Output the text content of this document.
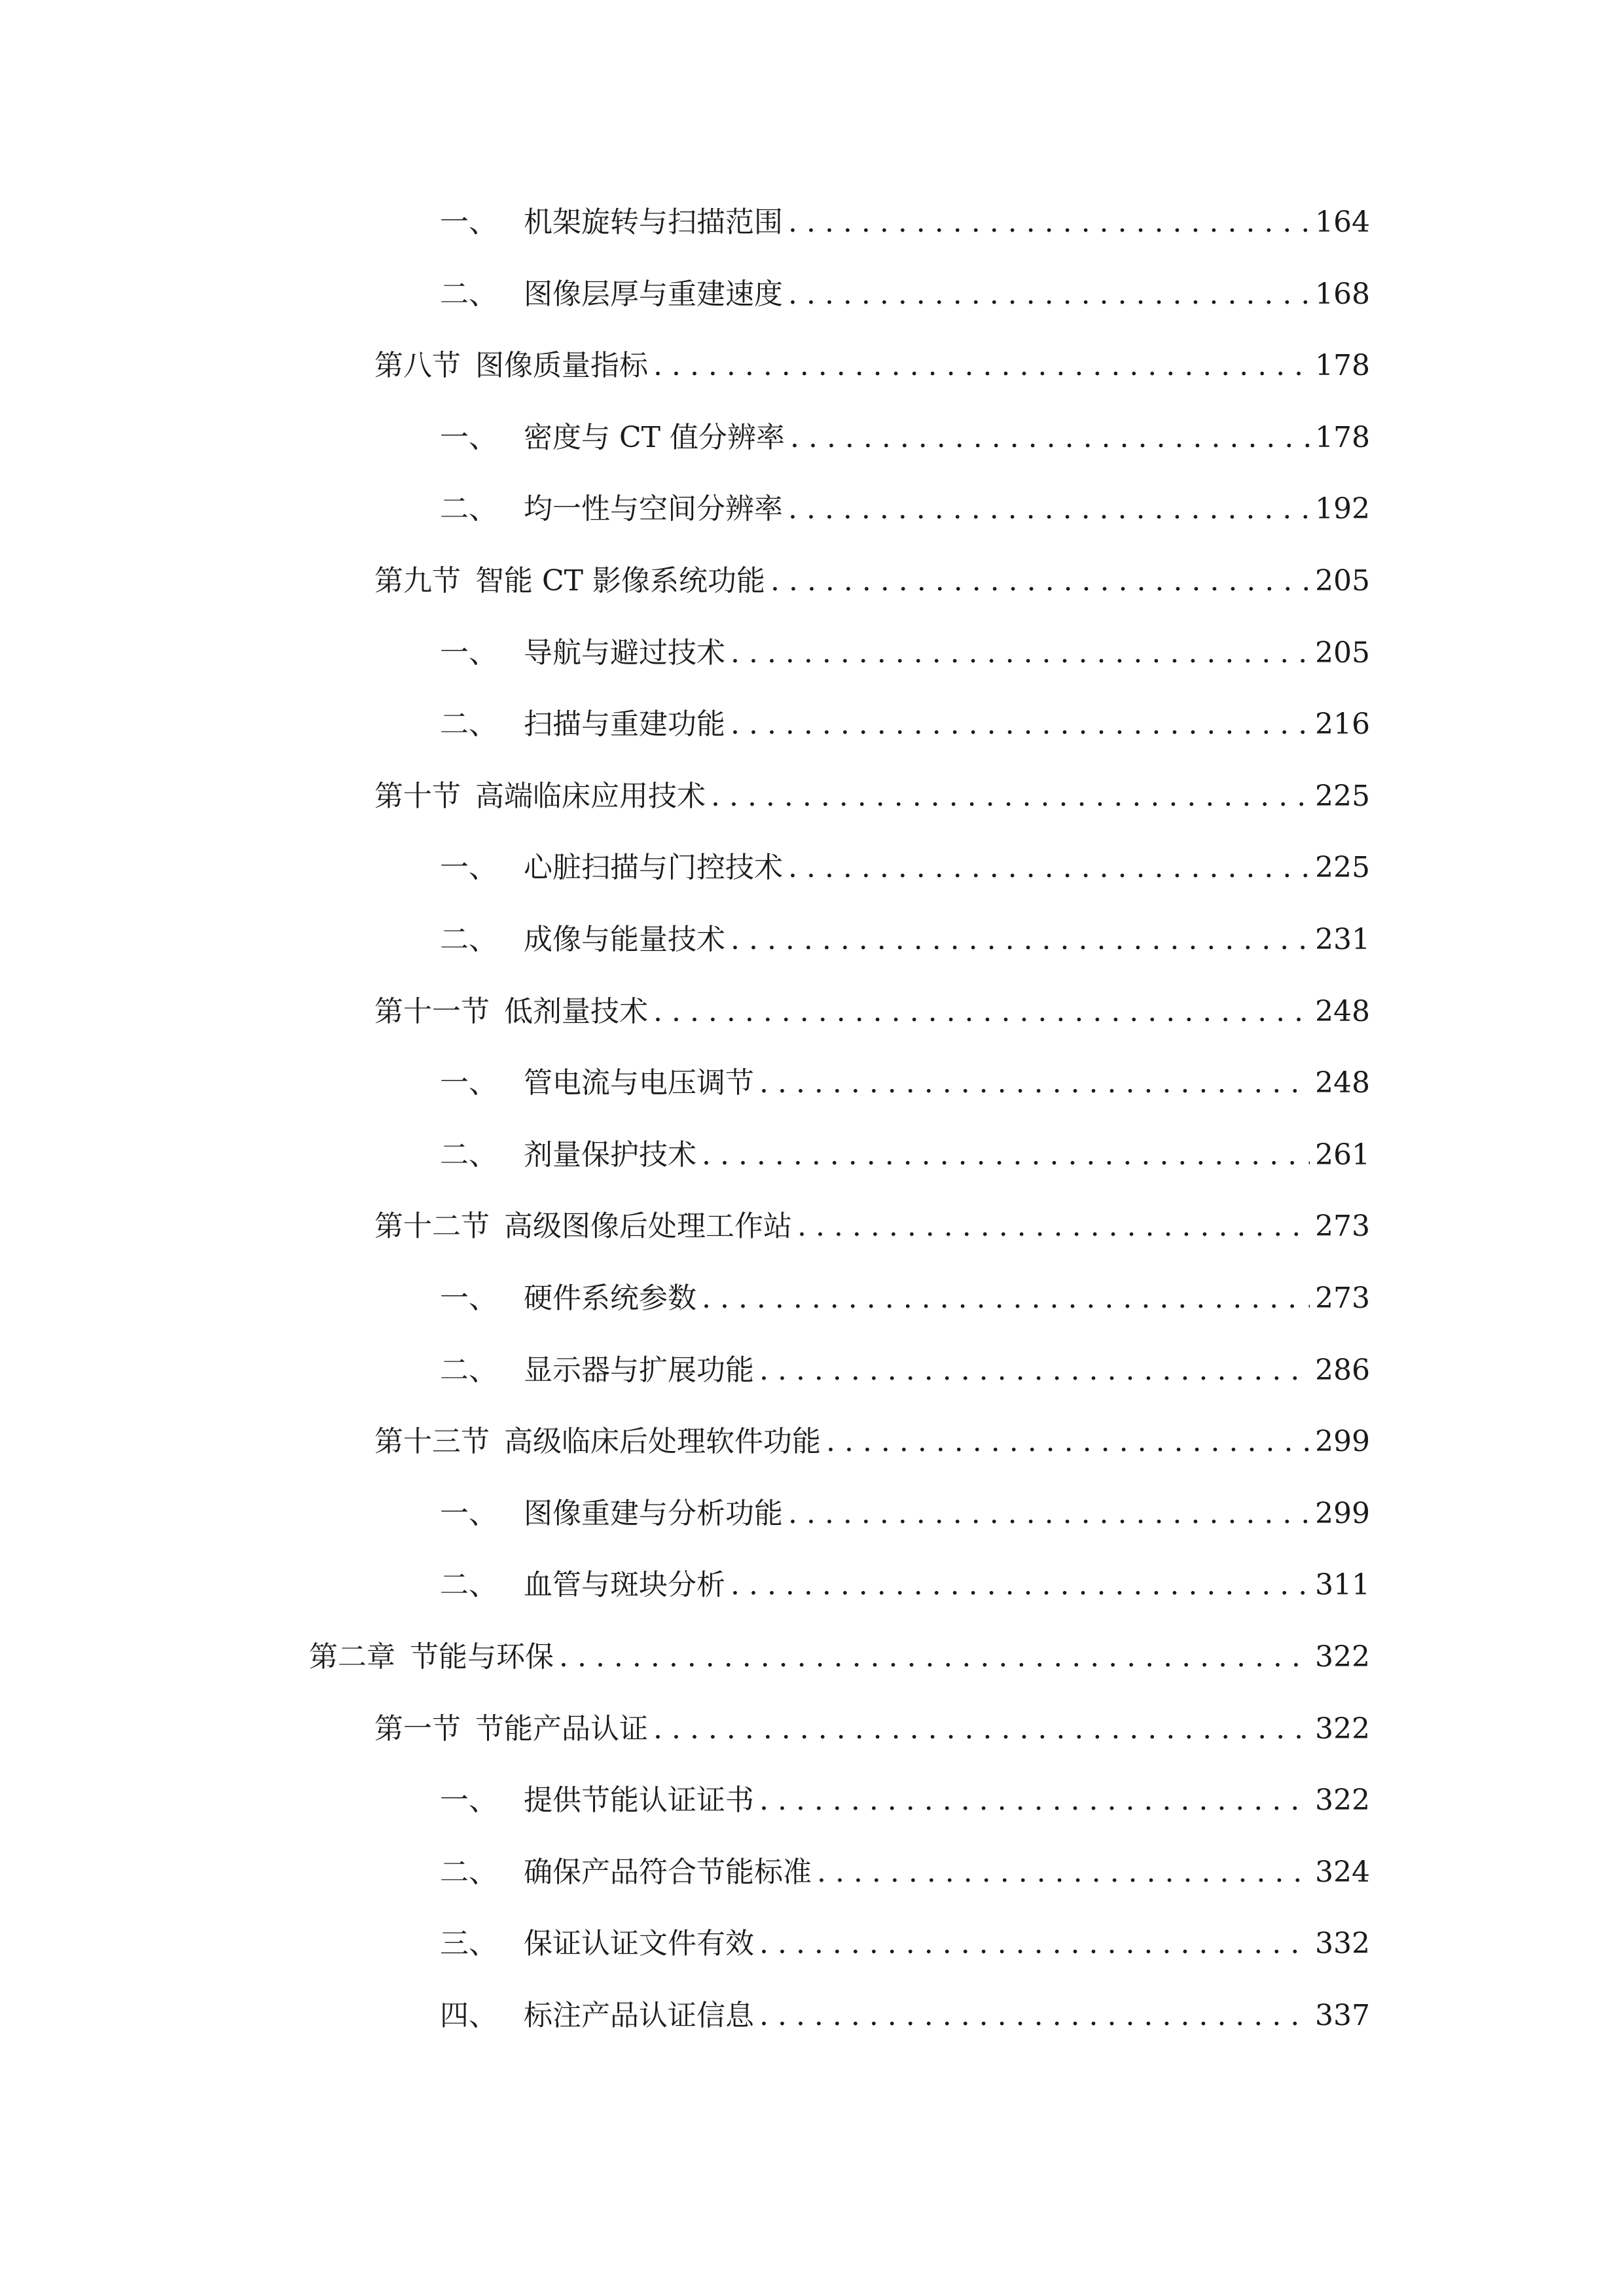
一、 机架旋转与扫描范围 . . .	164
二、 图像层厚与重建速度 . . .	168
第八节 图像质量指标 . . .	178
一、 密度与 CT 值分辨率 . . .	178
二、 均一性与空间分辨率 . . .	192
第九节 智能 CT 影像系统功能 . . .	205
一、 导航与避过技术 . . .	205
二、 扫描与重建功能 . . .	216
第十节 高端临床应用技术 . . .	225
一、 心脏扫描与门控技术 . . .	225
二、 成像与能量技术 . . .	231
第十一节 低剂量技术 . . .	248
一、 管电流与电压调节 . . .	248
二、 剂量保护技术 . . .	261
第十二节 高级图像后处理工作站 . . .	273
一、 硬件系统参数 . . .	273
二、 显示器与扩展功能 . . .	286
第十三节 高级临床后处理软件功能 . . .	299
一、 图像重建与分析功能 . . .	299
二、 血管与斑块分析 . . .	311
第二章 节能与环保 . . .	322
第一节 节能产品认证 . . .	322
一、 提供节能认证证书 . . .	322
二、 确保产品符合节能标准 . . .	324
三、 保证认证文件有效 . . .	332
四、 标注产品认证信息 . . .	337
